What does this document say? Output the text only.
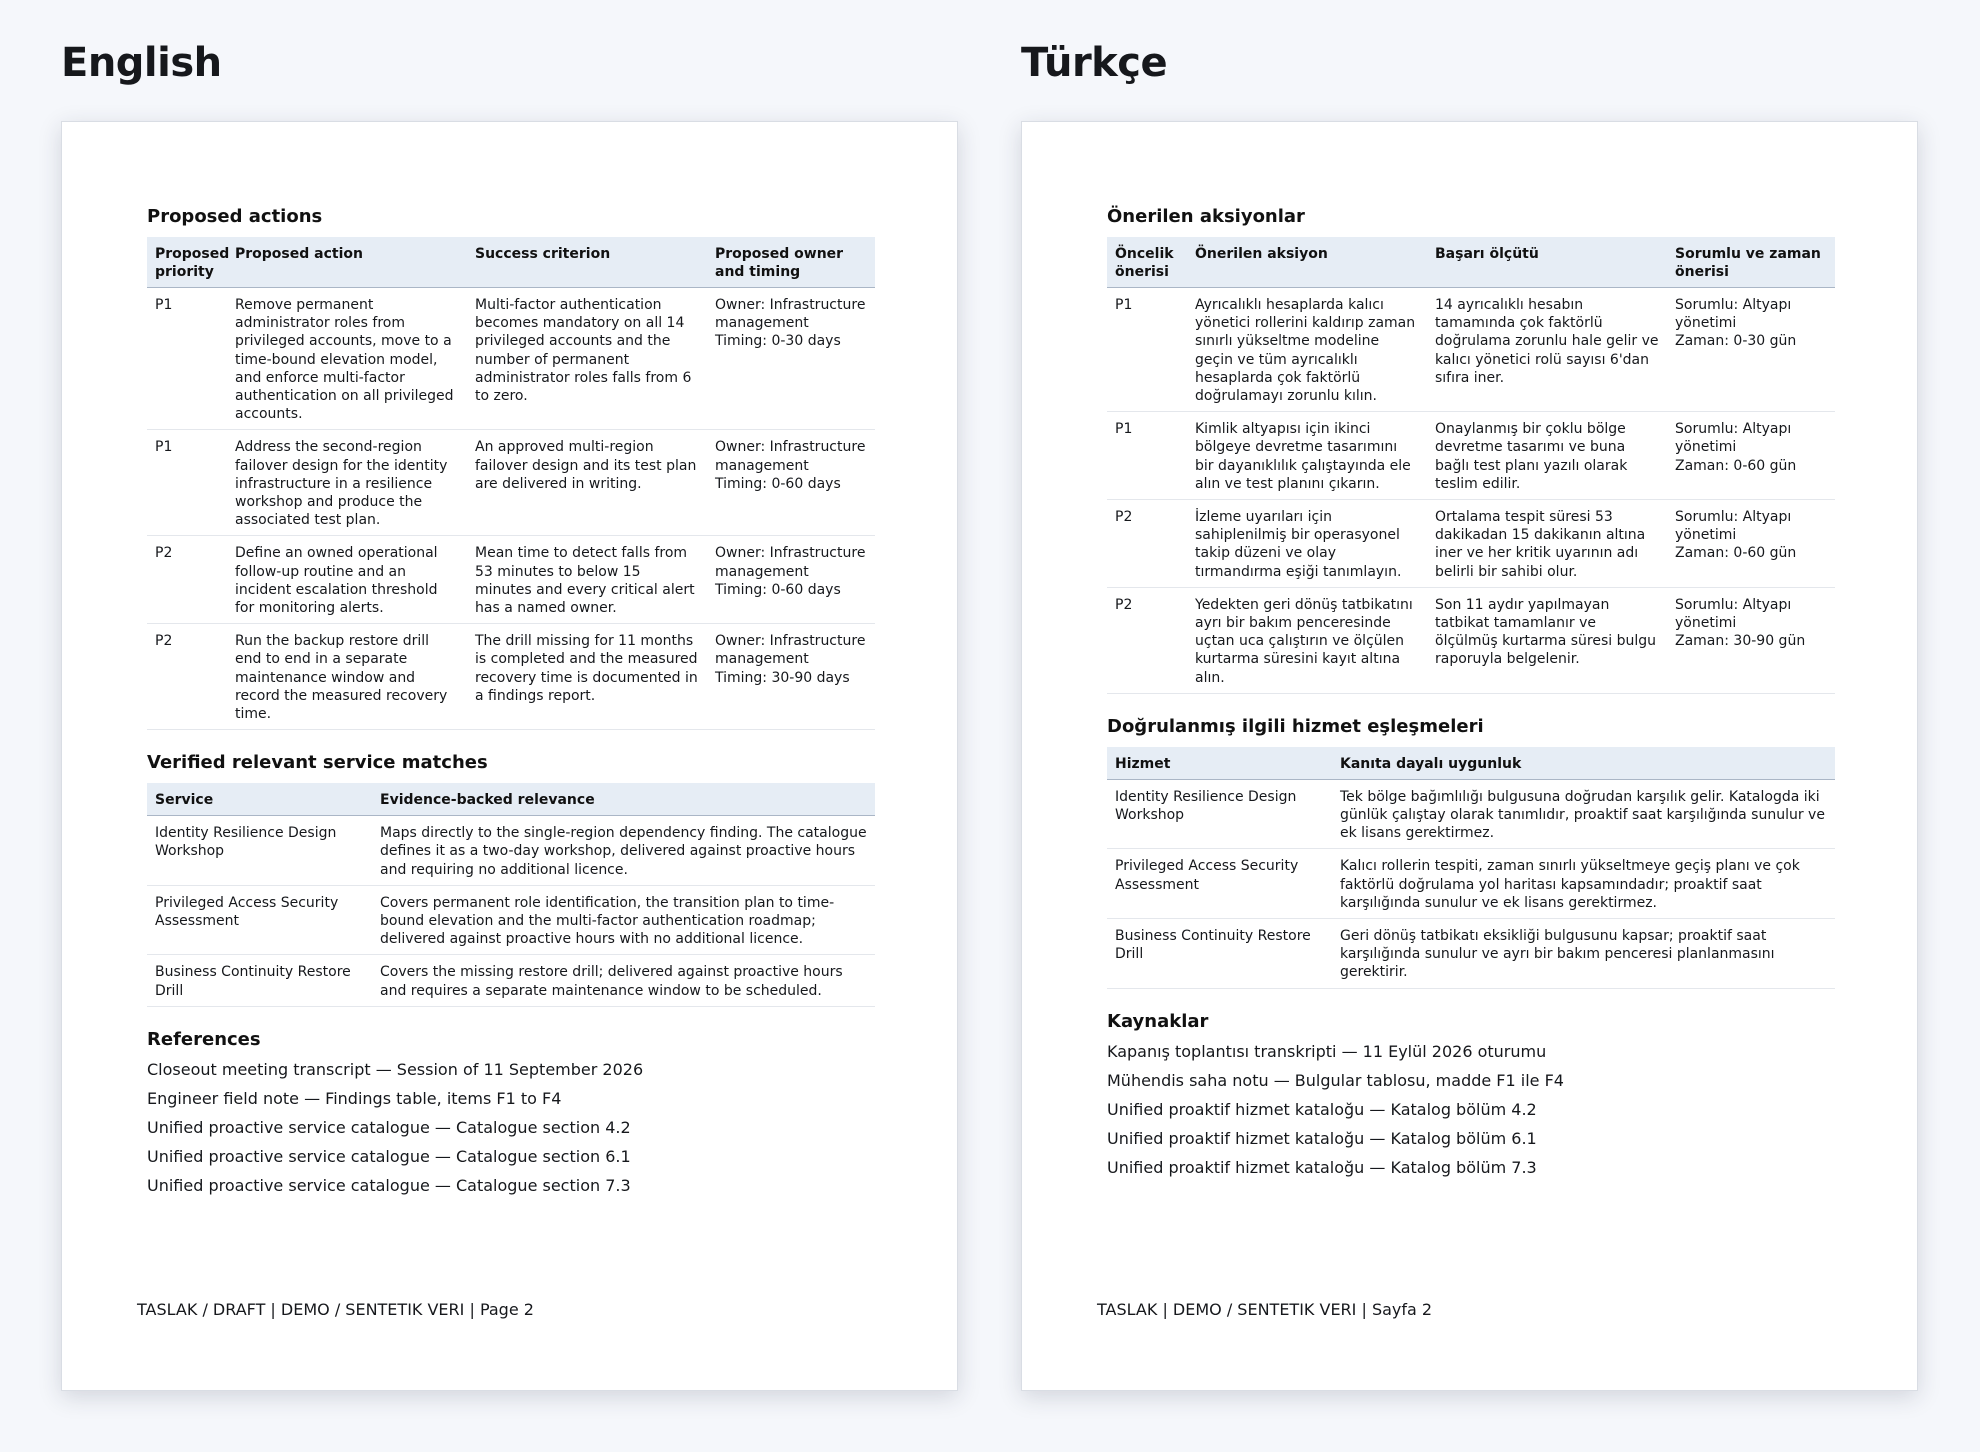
English
Proposed actions
Proposed priority	Proposed action	Success criterion	Proposed owner and timing
P1	Remove permanent administrator roles from privileged accounts, move to a time-bound elevation model, and enforce multi-factor authentication on all privileged accounts.	Multi-factor authentication becomes mandatory on all 14 privileged accounts and the number of permanent administrator roles falls from 6 to zero.	Owner: Infrastructure management
Timing: 0-30 days
P1	Address the second-region failover design for the identity infrastructure in a resilience workshop and produce the associated test plan.	An approved multi-region failover design and its test plan are delivered in writing.	Owner: Infrastructure management
Timing: 0-60 days
P2	Define an owned operational follow-up routine and an incident escalation threshold for monitoring alerts.	Mean time to detect falls from 53 minutes to below 15 minutes and every critical alert has a named owner.	Owner: Infrastructure management
Timing: 0-60 days
P2	Run the backup restore drill end to end in a separate maintenance window and record the measured recovery time.	The drill missing for 11 months is completed and the measured recovery time is documented in a findings report.	Owner: Infrastructure management
Timing: 30-90 days
Verified relevant service matches
Service	Evidence-backed relevance
Identity Resilience Design Workshop	Maps directly to the single-region dependency finding. The catalogue defines it as a two-day workshop, delivered against proactive hours and requiring no additional licence.
Privileged Access Security Assessment	Covers permanent role identification, the transition plan to time-bound elevation and the multi-factor authentication roadmap; delivered against proactive hours with no additional licence.
Business Continuity Restore Drill	Covers the missing restore drill; delivered against proactive hours and requires a separate maintenance window to be scheduled.
References
Closeout meeting transcript — Session of 11 September 2026
Engineer field note — Findings table, items F1 to F4
Unified proactive service catalogue — Catalogue section 4.2
Unified proactive service catalogue — Catalogue section 6.1
Unified proactive service catalogue — Catalogue section 7.3
TASLAK / DRAFT | DEMO / SENTETIK VERI | Page 2
Türkçe
Önerilen aksiyonlar
Öncelik önerisi	Önerilen aksiyon	Başarı ölçütü	Sorumlu ve zaman önerisi
P1	Ayrıcalıklı hesaplarda kalıcı yönetici rollerini kaldırıp zaman sınırlı yükseltme modeline geçin ve tüm ayrıcalıklı hesaplarda çok faktörlü doğrulamayı zorunlu kılın.	14 ayrıcalıklı hesabın tamamında çok faktörlü doğrulama zorunlu hale gelir ve kalıcı yönetici rolü sayısı 6'dan sıfıra iner.	Sorumlu: Altyapı yönetimi
Zaman: 0-30 gün
P1	Kimlik altyapısı için ikinci bölgeye devretme tasarımını bir dayanıklılık çalıştayında ele alın ve test planını çıkarın.	Onaylanmış bir çoklu bölge devretme tasarımı ve buna bağlı test planı yazılı olarak teslim edilir.	Sorumlu: Altyapı yönetimi
Zaman: 0-60 gün
P2	İzleme uyarıları için sahiplenilmiş bir operasyonel takip düzeni ve olay tırmandırma eşiği tanımlayın.	Ortalama tespit süresi 53 dakikadan 15 dakikanın altına iner ve her kritik uyarının adı belirli bir sahibi olur.	Sorumlu: Altyapı yönetimi
Zaman: 0-60 gün
P2	Yedekten geri dönüş tatbikatını ayrı bir bakım penceresinde uçtan uca çalıştırın ve ölçülen kurtarma süresini kayıt altına alın.	Son 11 aydır yapılmayan tatbikat tamamlanır ve ölçülmüş kurtarma süresi bulgu raporuyla belgelenir.	Sorumlu: Altyapı yönetimi
Zaman: 30-90 gün
Doğrulanmış ilgili hizmet eşleşmeleri
Hizmet	Kanıta dayalı uygunluk
Identity Resilience Design Workshop	Tek bölge bağımlılığı bulgusuna doğrudan karşılık gelir. Katalogda iki günlük çalıştay olarak tanımlıdır, proaktif saat karşılığında sunulur ve ek lisans gerektirmez.
Privileged Access Security Assessment	Kalıcı rollerin tespiti, zaman sınırlı yükseltmeye geçiş planı ve çok faktörlü doğrulama yol haritası kapsamındadır; proaktif saat karşılığında sunulur ve ek lisans gerektirmez.
Business Continuity Restore Drill	Geri dönüş tatbikatı eksikliği bulgusunu kapsar; proaktif saat karşılığında sunulur ve ayrı bir bakım penceresi planlanmasını gerektirir.
Kaynaklar
Kapanış toplantısı transkripti — 11 Eylül 2026 oturumu
Mühendis saha notu — Bulgular tablosu, madde F1 ile F4
Unified proaktif hizmet kataloğu — Katalog bölüm 4.2
Unified proaktif hizmet kataloğu — Katalog bölüm 6.1
Unified proaktif hizmet kataloğu — Katalog bölüm 7.3
TASLAK | DEMO / SENTETIK VERI | Sayfa 2
